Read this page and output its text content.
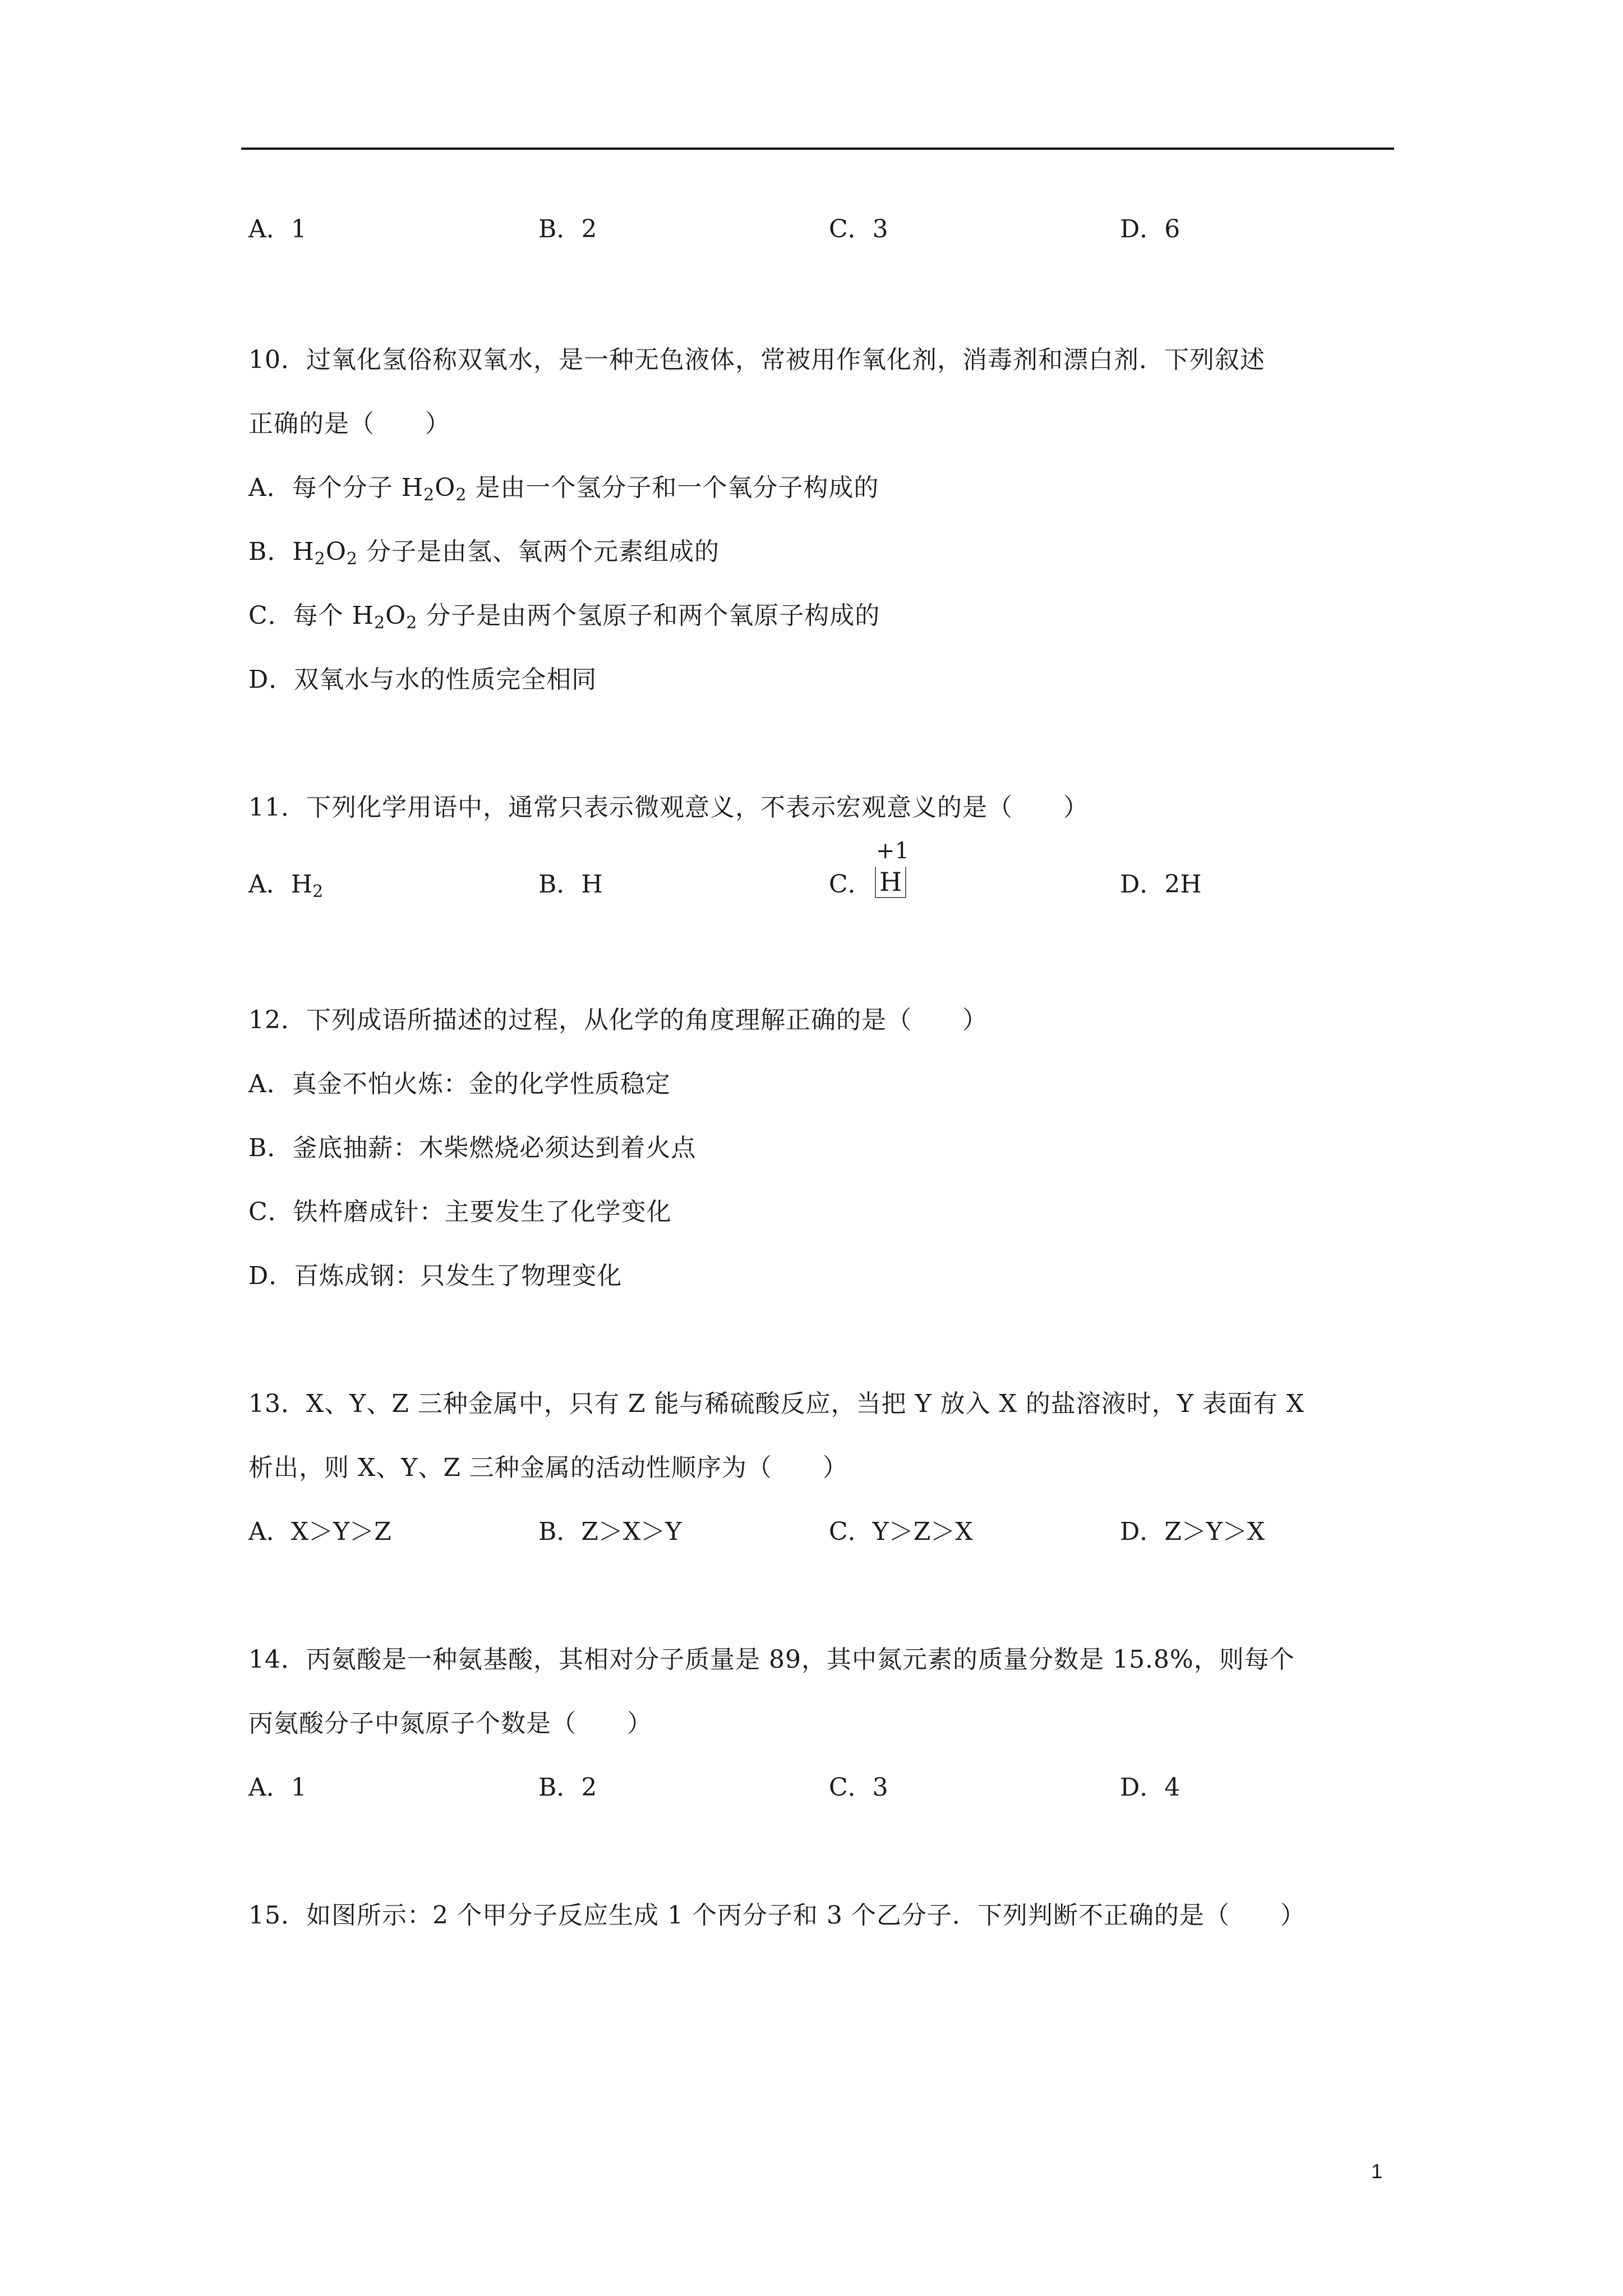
A．1	B．2	C．3	D．6
10．过氧化氢俗称双氧水，是一种无色液体，常被用作氧化剂，消毒剂和漂白剂．下列叙述
正确的是（　　）
A．每个分子 $H_2O_2$ 是由一个氢分子和一个氧分子构成的
B．$H_2O_2$ 分子是由氢、氧两个元素组成的
C．每个 $H_2O_2$ 分子是由两个氢原子和两个氧原子构成的
D．双氧水与水的性质完全相同
11．下列化学用语中，通常只表示微观意义，不表示宏观意义的是（　　）
A．$H_2$	B．H	C．
+1
H	D．2H
12．下列成语所描述的过程，从化学的角度理解正确的是（　　）
A．真金不怕火炼：金的化学性质稳定
B．釜底抽薪：木柴燃烧必须达到着火点
C．铁杵磨成针：主要发生了化学变化
D．百炼成钢：只发生了物理变化
13．X、Y、Z 三种金属中，只有 Z 能与稀硫酸反应，当把 Y 放入 X 的盐溶液时，Y 表面有 X
析出，则 X、Y、Z 三种金属的活动性顺序为（　　）
A．X＞Y＞Z	B．Z＞X＞Y	C．Y＞Z＞X	D．Z＞Y＞X
14．丙氨酸是一种氨基酸，其相对分子质量是 89，其中氮元素的质量分数是 15.8%，则每个
丙氨酸分子中氮原子个数是（　　）
A．1	B．2	C．3	D．4
15．如图所示：2 个甲分子反应生成 1 个丙分子和 3 个乙分子．下列判断不正确的是（　　）
1
